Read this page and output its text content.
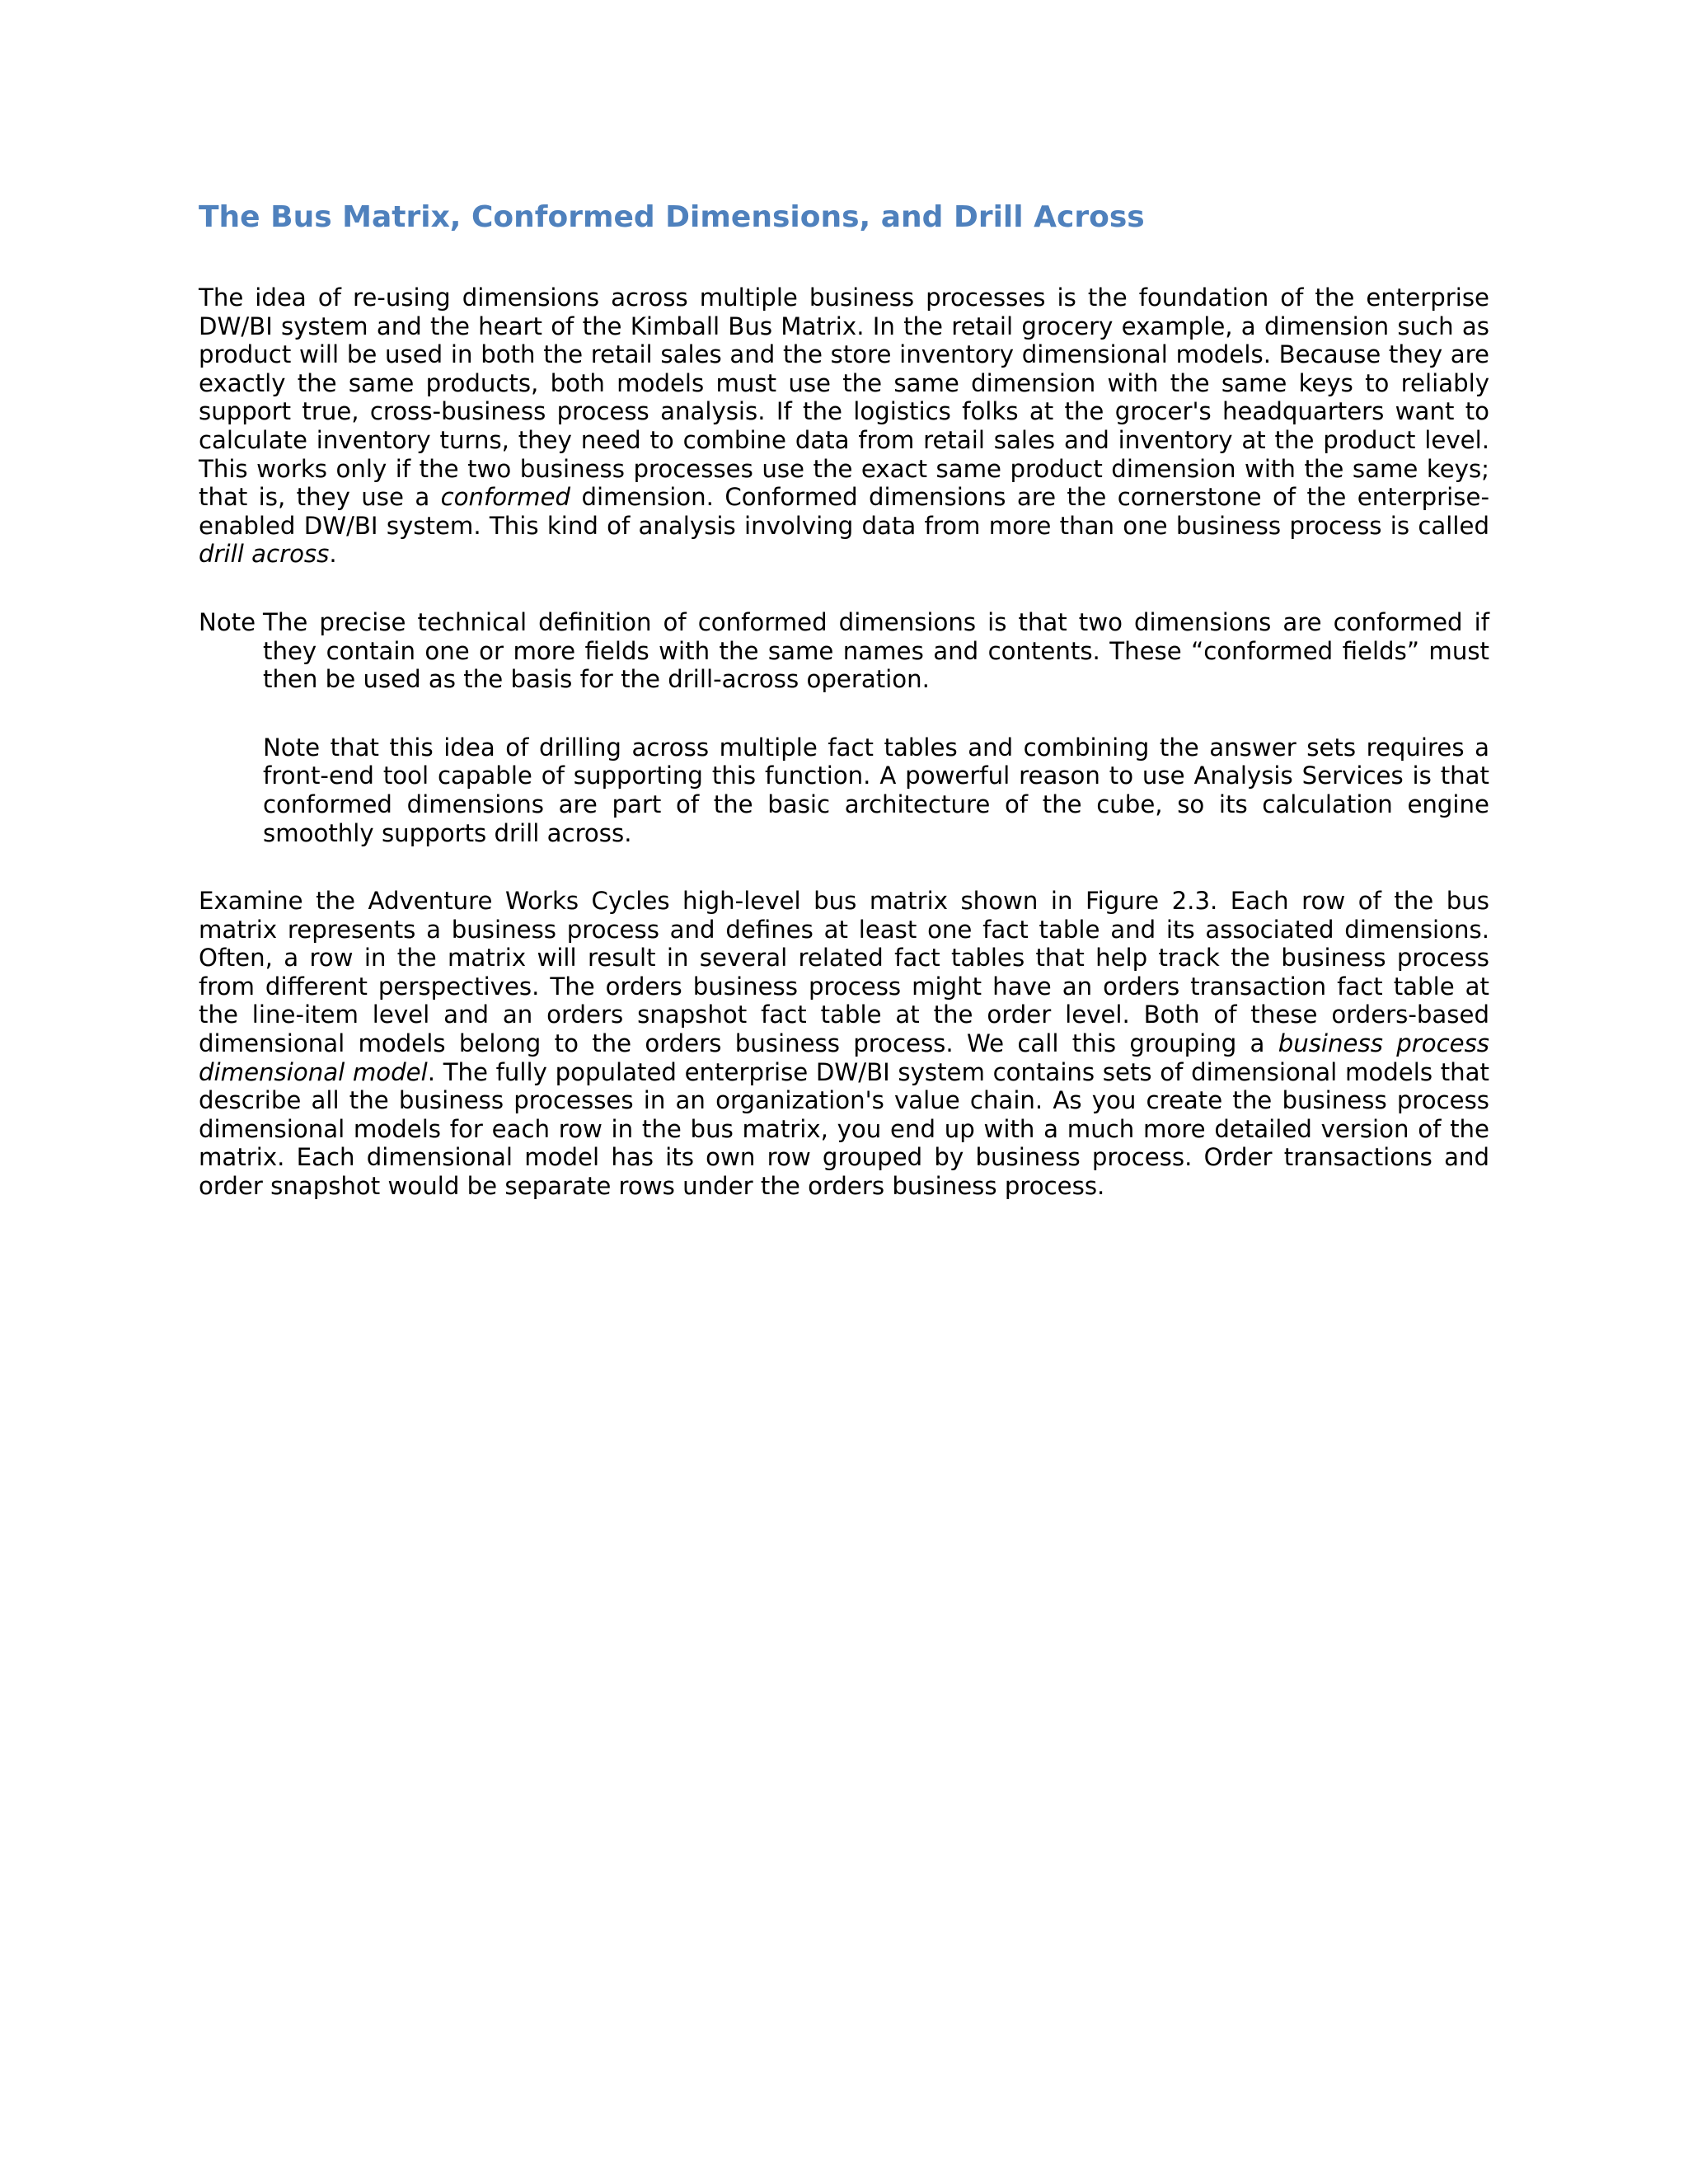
The Bus Matrix, Conformed Dimensions, and Drill Across

The idea of re-using dimensions across multiple business processes is the foundation of the enterprise DW/BI system and the heart of the Kimball Bus Matrix. In the retail grocery example, a dimension such as product will be used in both the retail sales and the store inventory dimensional models. Because they are exactly the same products, both models must use the same dimension with the same keys to reliably support true, cross-business process analysis. If the logistics folks at the grocer's headquarters want to calculate inventory turns, they need to combine data from retail sales and inventory at the product level. This works only if the two business processes use the exact same product dimension with the same keys; that is, they use a conformed dimension. Conformed dimensions are the cornerstone of the enterprise-enabled DW/BI system. This kind of analysis involving data from more than one business process is called drill across.

Note The precise technical definition of conformed dimensions is that two dimensions are conformed if they contain one or more fields with the same names and contents. These “conformed fields” must then be used as the basis for the drill-across operation.

Note that this idea of drilling across multiple fact tables and combining the answer sets requires a front-end tool capable of supporting this function. A powerful reason to use Analysis Services is that conformed dimensions are part of the basic architecture of the cube, so its calculation engine smoothly supports drill across.

Examine the Adventure Works Cycles high-level bus matrix shown in Figure 2.3. Each row of the bus matrix represents a business process and defines at least one fact table and its associated dimensions. Often, a row in the matrix will result in several related fact tables that help track the business process from different perspectives. The orders business process might have an orders transaction fact table at the line-item level and an orders snapshot fact table at the order level. Both of these orders-based dimensional models belong to the orders business process. We call this grouping a business process dimensional model. The fully populated enterprise DW/BI system contains sets of dimensional models that describe all the business processes in an organization's value chain. As you create the business process dimensional models for each row in the bus matrix, you end up with a much more detailed version of the matrix. Each dimensional model has its own row grouped by business process. Order transactions and order snapshot would be separate rows under the orders business process.
